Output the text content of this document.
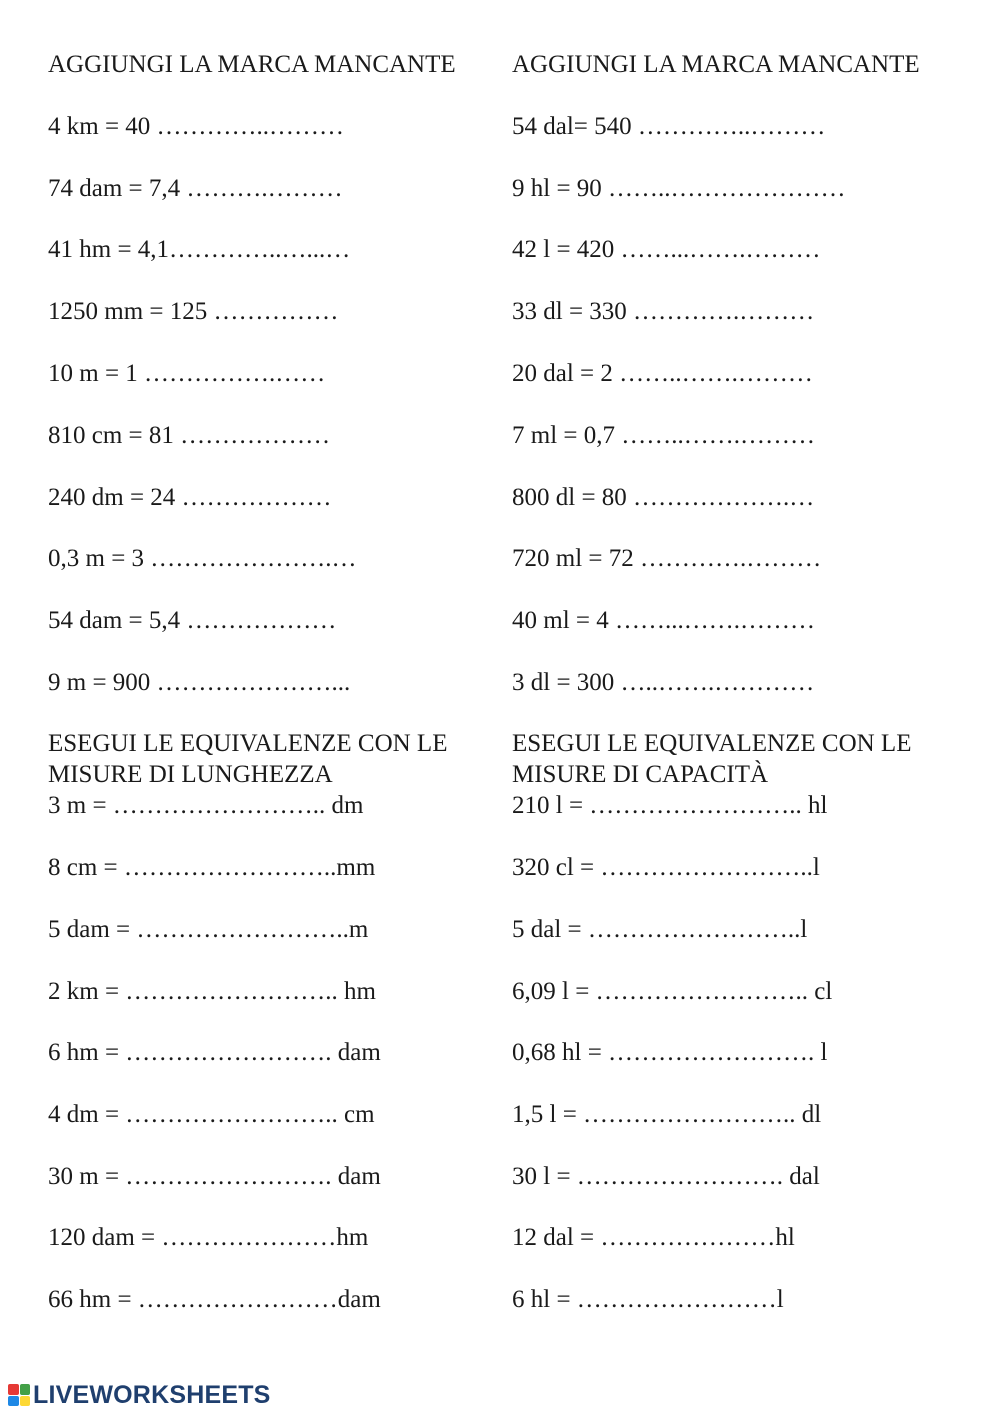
AGGIUNGI LA MARCA MANCANTE
4 km = 40 …………..………
74 dam = 7,4 ……….………
41 hm = 4,1…………..…...…
1250 mm = 125 ……………
10 m = 1 …………….……
810 cm = 81 ………………
240 dm = 24 ………………
0,3 m = 3 ………………….…
54 dam = 5,4 ………………
9 m = 900 …………………...
ESEGUI LE EQUIVALENZE CON LE MISURE DI LUNGHEZZA
3 m = …………………….. dm
8 cm = ……………………..mm
5 dam = ……………………..m
2 km = …………………….. hm
6 hm = ……………………. dam
4 dm = …………………….. cm
30 m = ……………………. dam
120 dam = …………………hm
66 hm = ……………………dam
AGGIUNGI LA MARCA MANCANTE
54 dal= 540 …………..………
9 hl = 90 ……..…………………
42 l = 420 ……...…….………
33 dl = 330 ………….………
20 dal = 2 ……..…….………
7 ml = 0,7 ……..…….………
800 dl = 80 ……………….…
720 ml = 72 ………….………
40 ml = 4 ……...…….………
3 dl = 300 …..…….…………
ESEGUI LE EQUIVALENZE CON LE MISURE DI CAPACITÀ
210 l = …………………….. hl
320 cl = ……………………..l
5 dal = ……………………..l
6,09 l = …………………….. cl
0,68 hl = ……………………. l
1,5 l = …………………….. dl
30 l = ……………………. dal
12 dal = …………………hl
6 hl = ……………………l
LIVEWORKSHEETS
